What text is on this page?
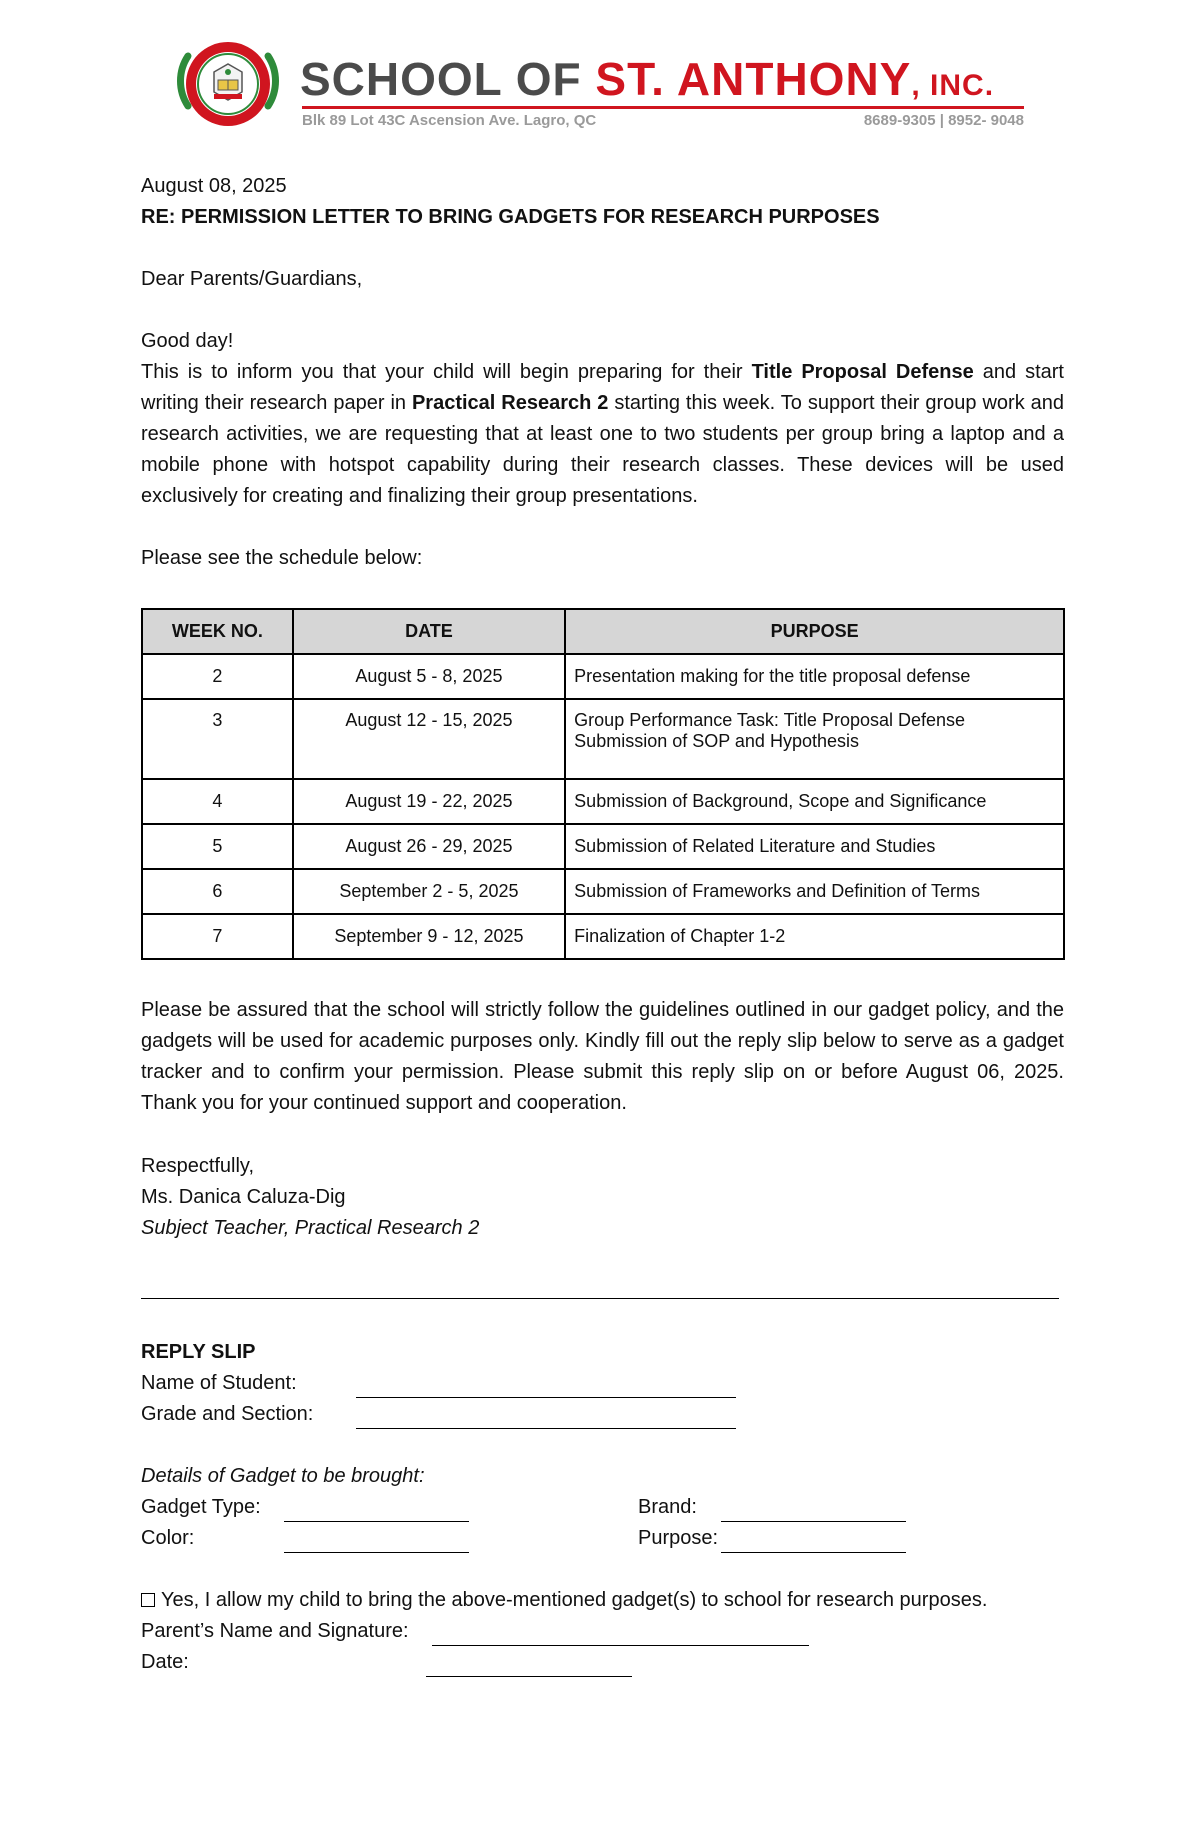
SCHOOL OF ST. ANTHONY, INC.
Blk 89 Lot 43C Ascension Ave. Lagro, QC	8689-9305 | 8952- 9048
August 08, 2025
RE: PERMISSION LETTER TO BRING GADGETS FOR RESEARCH PURPOSES
Dear Parents/Guardians,
Good day!
This is to inform you that your child will begin preparing for their Title Proposal Defense and start writing their research paper in Practical Research 2 starting this week. To support their group work and research activities, we are requesting that at least one to two students per group bring a laptop and a mobile phone with hotspot capability during their research classes. These devices will be used exclusively for creating and finalizing their group presentations.
Please see the schedule below:
WEEK NO.	DATE	PURPOSE
2	August 5 - 8, 2025	Presentation making for the title proposal defense
3	August 12 - 15, 2025	Group Performance Task: Title Proposal Defense
Submission of SOP and Hypothesis

4	August 19 - 22, 2025	Submission of Background, Scope and Significance
5	August 26 - 29, 2025	Submission of Related Literature and Studies
6	September 2 - 5, 2025	Submission of Frameworks and Definition of Terms
7	September 9 - 12, 2025	Finalization of Chapter 1-2
Please be assured that the school will strictly follow the guidelines outlined in our gadget policy, and the gadgets will be used for academic purposes only. Kindly fill out the reply slip below to serve as a gadget tracker and to confirm your permission. Please submit this reply slip on or before August 06, 2025. Thank you for your continued support and cooperation.
Respectfully,
Ms. Danica Caluza-Dig
Subject Teacher, Practical Research 2
REPLY SLIP
Name of Student:
Grade and Section:
Details of Gadget to be brought:
Gadget Type:	Brand:
Color:	Purpose:
Yes, I allow my child to bring the above-mentioned gadget(s) to school for research purposes.
Parent’s Name and Signature:
Date:
